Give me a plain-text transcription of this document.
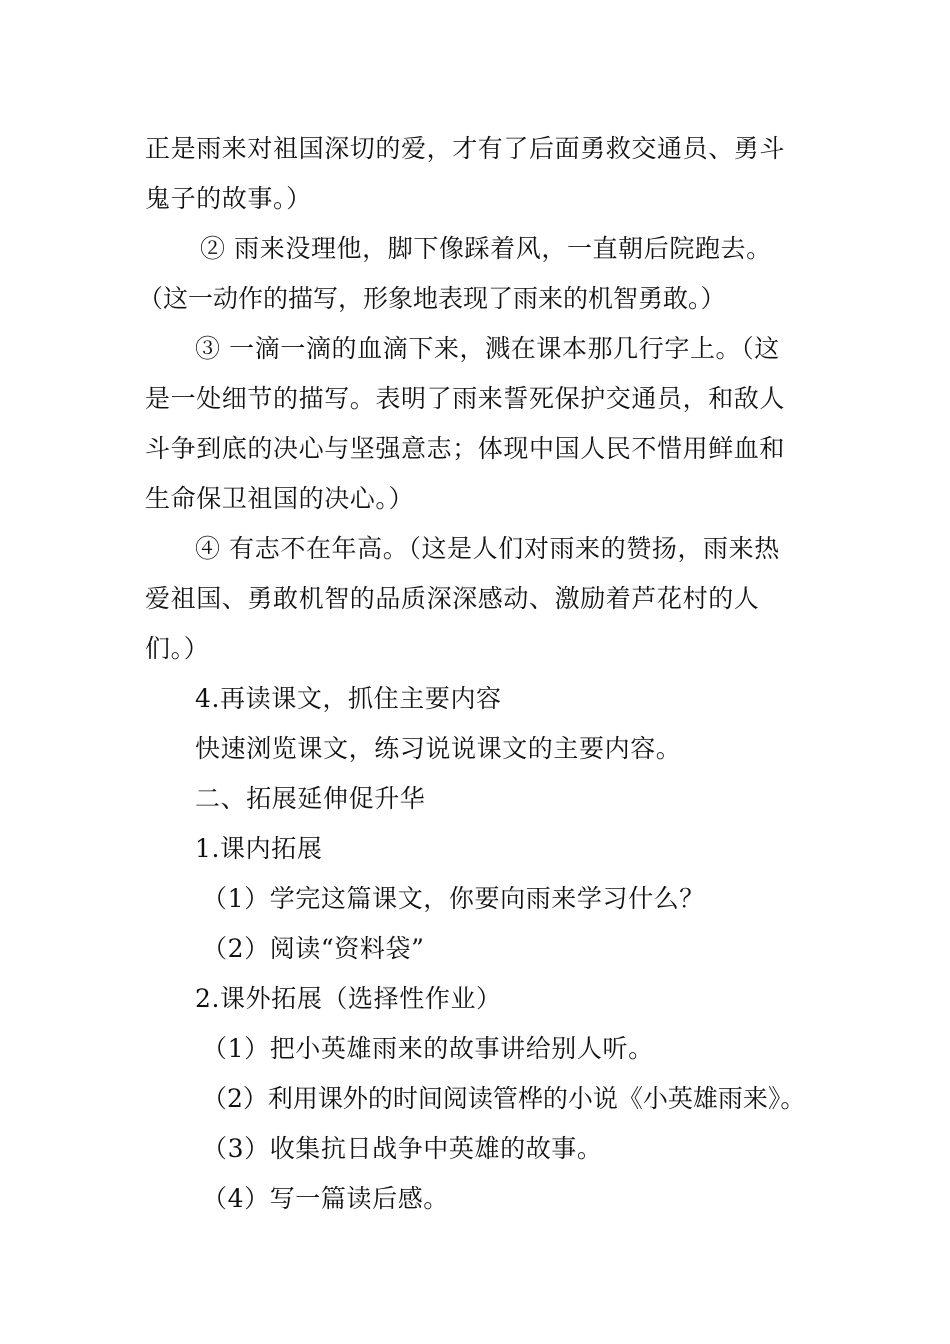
正是雨来对祖国深切的爱，才有了后面勇救交通员、勇斗

鬼子的故事。）

② 雨来没理他，脚下像踩着风，一直朝后院跑去。

（这一动作的描写，形象地表现了雨来的机智勇敢。）

③ 一滴一滴的血滴下来，溅在课本那几行字上。（这

是一处细节的描写。表明了雨来誓死保护交通员，和敌人

斗争到底的决心与坚强意志；体现中国人民不惜用鲜血和

生命保卫祖国的决心。）

④ 有志不在年高。（这是人们对雨来的赞扬，雨来热

爱祖国、勇敢机智的品质深深感动、激励着芦花村的人

们。）

4.再读课文，抓住主要内容

快速浏览课文，练习说说课文的主要内容。

二、拓展延伸促升华

1.课内拓展

（1）学完这篇课文，你要向雨来学习什么？

（2）阅读“资料袋”

2.课外拓展（选择性作业）

（1）把小英雄雨来的故事讲给别人听。

（2）利用课外的时间阅读管桦的小说《小英雄雨来》。

（3）收集抗日战争中英雄的故事。

（4）写一篇读后感。
